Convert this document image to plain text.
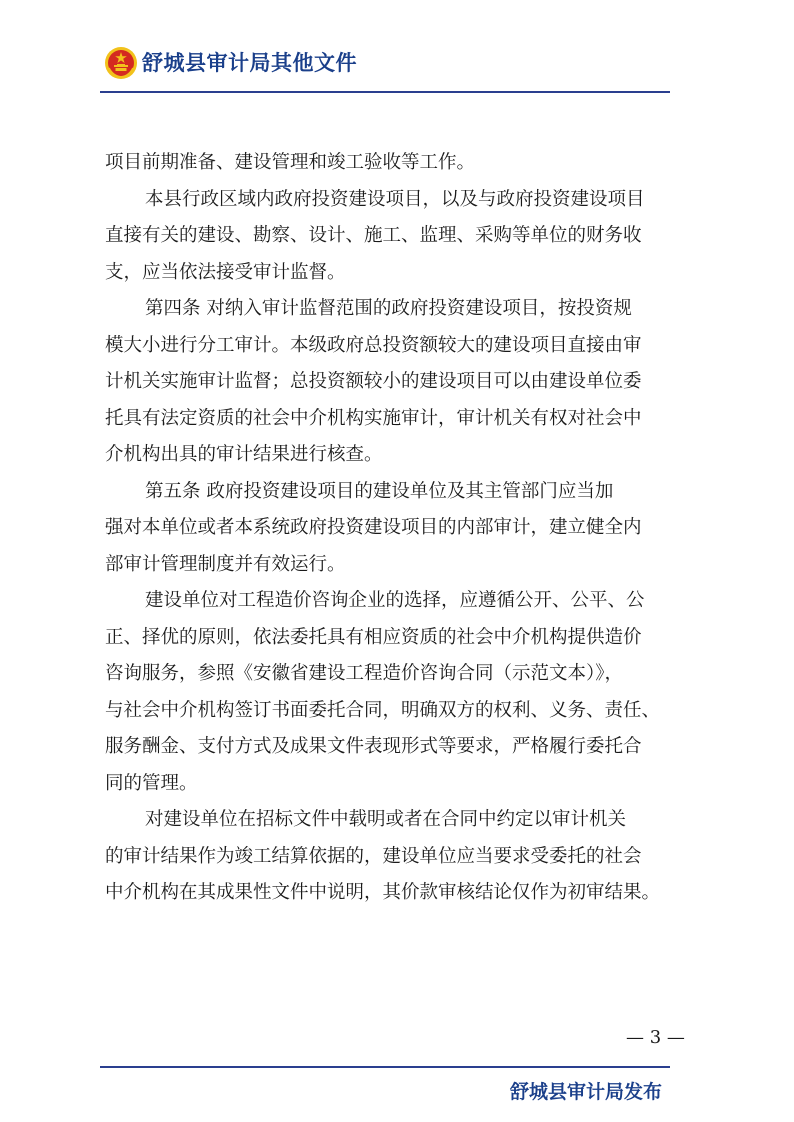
舒城县审计局其他文件

项目前期准备、建设管理和竣工验收等工作。

本县行政区域内政府投资建设项目，以及与政府投资建设项目
直接有关的建设、勘察、设计、施工、监理、采购等单位的财务收
支，应当依法接受审计监督。

第四条 对纳入审计监督范围的政府投资建设项目，按投资规
模大小进行分工审计。本级政府总投资额较大的建设项目直接由审
计机关实施审计监督；总投资额较小的建设项目可以由建设单位委
托具有法定资质的社会中介机构实施审计，审计机关有权对社会中
介机构出具的审计结果进行核查。

第五条 政府投资建设项目的建设单位及其主管部门应当加
强对本单位或者本系统政府投资建设项目的内部审计，建立健全内
部审计管理制度并有效运行。

建设单位对工程造价咨询企业的选择，应遵循公开、公平、公
正、择优的原则，依法委托具有相应资质的社会中介机构提供造价
咨询服务，参照《安徽省建设工程造价咨询合同（示范文本）》，
与社会中介机构签订书面委托合同，明确双方的权利、义务、责任、
服务酬金、支付方式及成果文件表现形式等要求，严格履行委托合
同的管理。

对建设单位在招标文件中载明或者在合同中约定以审计机关
的审计结果作为竣工结算依据的，建设单位应当要求受委托的社会
中介机构在其成果性文件中说明，其价款审核结论仅作为初审结果。

— 3 —
舒城县审计局发布
